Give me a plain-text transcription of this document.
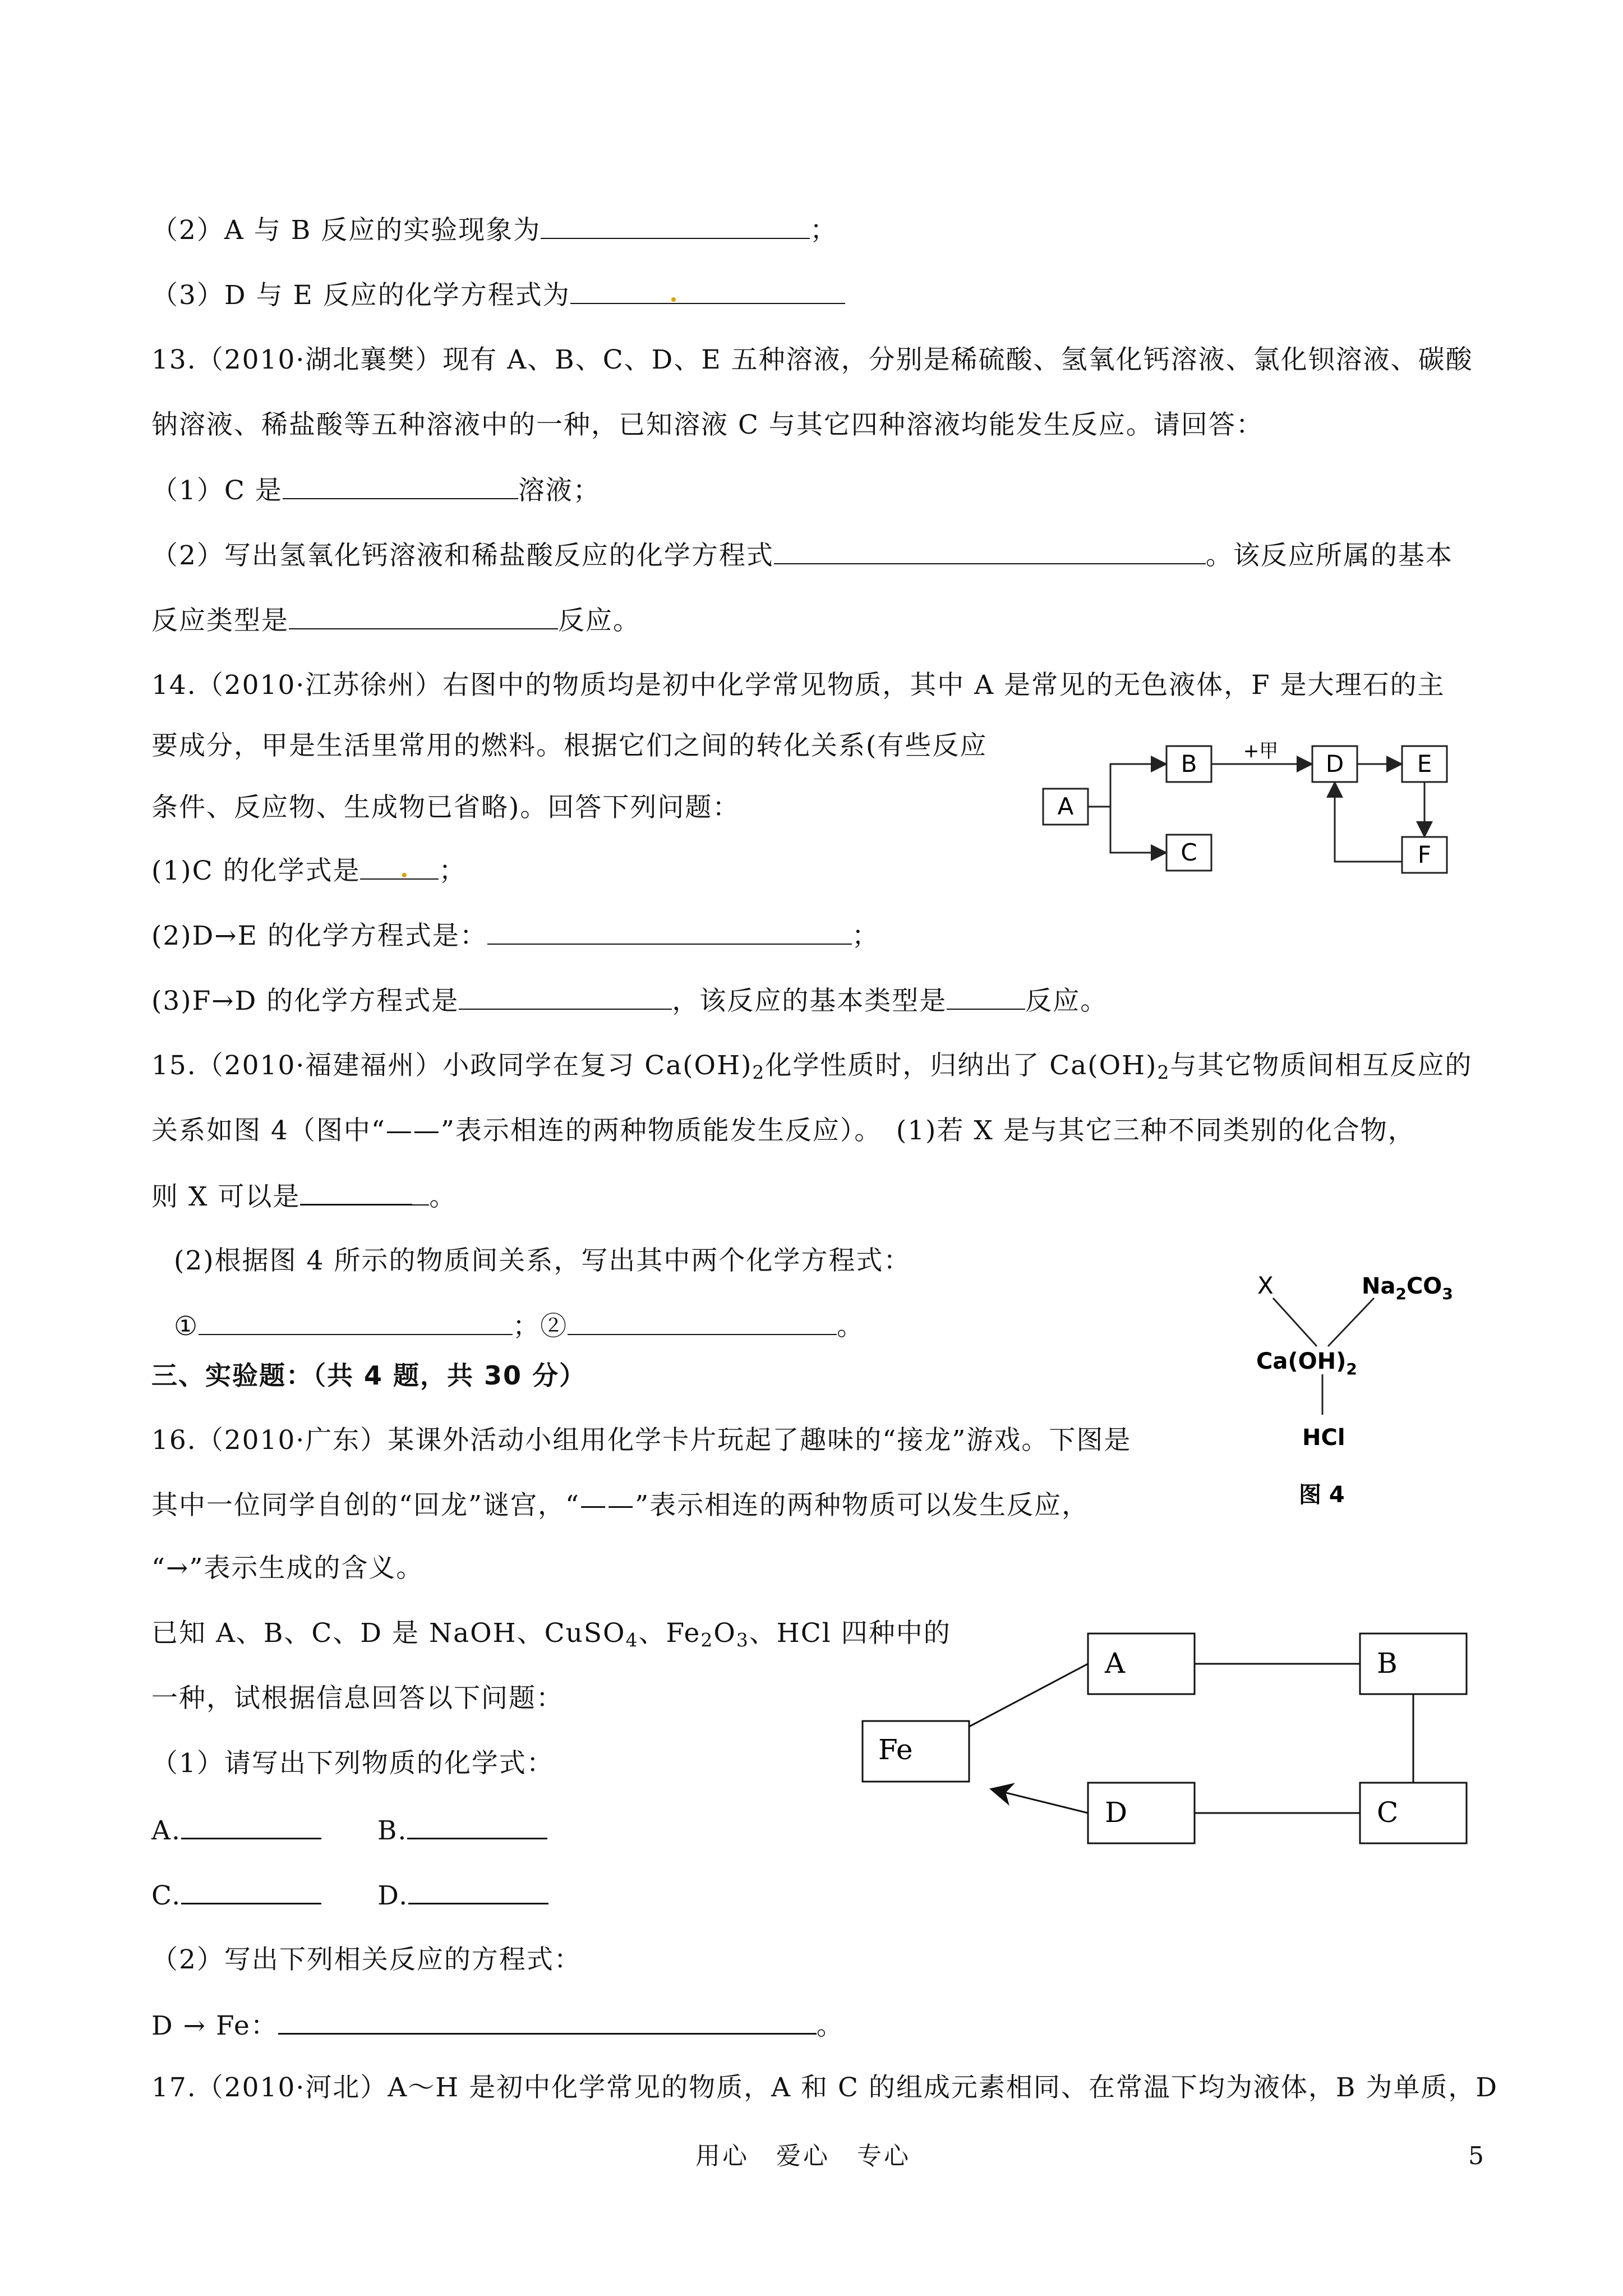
（2）A 与 B 反应的实验现象为	；
（3）D 与 E 反应的化学方程式为
13.（2010·湖北襄樊）现有 A、B、C、D、E 五种溶液，分别是稀硫酸、氢氧化钙溶液、氯化钡溶液、碳酸
钠溶液、稀盐酸等五种溶液中的一种，已知溶液 C 与其它四种溶液均能发生反应。请回答：
（1）C 是	溶液；
（2）写出氢氧化钙溶液和稀盐酸反应的化学方程式	。该反应所属的基本
反应类型是	反应。
14.（2010·江苏徐州）右图中的物质均是初中化学常见物质，其中 A 是常见的无色液体，F 是大理石的主
要成分，甲是生活里常用的燃料。根据它们之间的转化关系(有些反应
条件、反应物、生成物已省略)。回答下列问题：
(1)C 的化学式是	；
(2)D→E 的化学方程式是：	；
(3)F→D 的化学方程式是	，该反应的基本类型是	反应。
A
B
C
D	E
F
+甲
15.（2010·福建福州）小政同学在复习 $Ca(OH)_2$化学性质时，归纳出了 $Ca(OH)_2$与其它物质间相互反应的
关系如图 4（图中“——”表示相连的两种物质能发生反应）。　(1)若 X 是与其它三种不同类别的化合物，
则 X 可以是	。
(2)根据图 4 所示的物质间关系，写出其中两个化学方程式：
①	；②	。
X	$Na_2CO_3$
$Ca(OH)_2$
HCl
图 4
三、实验题：（共 4 题，共 30 分）
16.（2010·广东）某课外活动小组用化学卡片玩起了趣味的“接龙”游戏。下图是
其中一位同学自创的“回龙”谜宫，“——”表示相连的两种物质可以发生反应，
“→”表示生成的含义。
已知 A、B、C、D 是 NaOH、CuSO$_4$、$Fe_2O_3$、HCl 四种中的
一种，试根据信息回答以下问题：
（1）请写出下列物质的化学式：
A.	B.
C.	D.
（2）写出下列相关反应的方程式：
D → Fe：	。
A	B
Fe
D	C
17.（2010·河北）A～H 是初中化学常见的物质，A 和 C 的组成元素相同、在常温下均为液体，B 为单质，D
用心　爱心　专心	5
